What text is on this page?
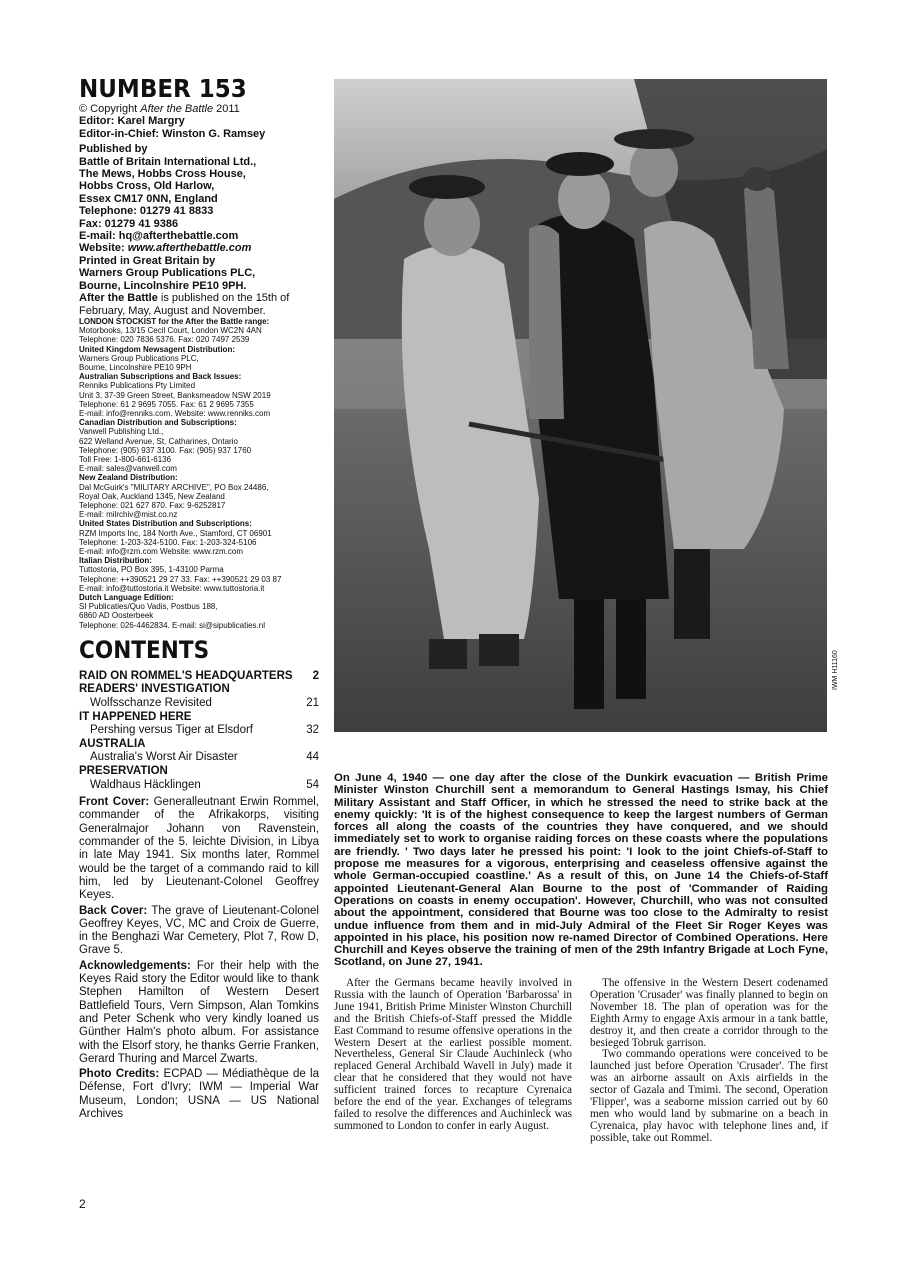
NUMBER 153
© Copyright After the Battle 2011
Editor: Karel Margry
Editor-in-Chief: Winston G. Ramsey
Published by
Battle of Britain International Ltd.,
The Mews, Hobbs Cross House,
Hobbs Cross, Old Harlow,
Essex CM17 0NN, England
Telephone: 01279 41 8833
Fax: 01279 41 9386
E-mail: hq@afterthebattle.com
Website: www.afterthebattle.com
Printed in Great Britain by
Warners Group Publications PLC,
Bourne, Lincolnshire PE10 9PH.
After the Battle is published on the 15th of February, May, August and November.
LONDON STOCKIST for the After the Battle range:
Motorbooks, 13/15 Cecil Court, London WC2N 4AN
Telephone: 020 7836 5376. Fax: 020 7497 2539
United Kingdom Newsagent Distribution:
Warners Group Publications PLC,
Bourne, Lincolnshire PE10 9PH
Australian Subscriptions and Back Issues:
Renniks Publications Pty Limited
Unit 3, 37-39 Green Street, Banksmeadow NSW 2019
Telephone: 61 2 9695 7055. Fax: 61 2 9695 7355
E-mail: info@renniks.com. Website: www.renniks.com
Canadian Distribution and Subscriptions:
Vanwell Publishing Ltd.,
622 Welland Avenue, St. Catharines, Ontario
Telephone: (905) 937 3100. Fax: (905) 937 1760
Toll Free: 1-800-661-6136
E-mail: sales@vanwell.com
New Zealand Distribution:
Dal McGuirk's "MILITARY ARCHIVE", PO Box 24486,
Royal Oak, Auckland 1345, New Zealand
Telephone: 021 627 870. Fax: 9-6252817
E-mail: milrchiv@mist.co.nz
United States Distribution and Subscriptions:
RZM Imports Inc, 184 North Ave., Stamford, CT 06901
Telephone: 1-203-324-5100. Fax: 1-203-324-5106
E-mail: info@rzm.com Website: www.rzm.com
Italian Distribution:
Tuttostoria, PO Box 395, 1-43100 Parma
Telephone: ++390521 29 27 33. Fax: ++390521 29 03 87
E-mail: info@tuttostoria.it Website: www.tuttostoria.it
Dutch Language Edition:
SI Publicaties/Quo Vadis, Postbus 188,
6860 AD Oosterbeek
Telephone: 026-4462834. E-mail: si@sipublicaties.nl
CONTENTS
RAID ON ROMMEL'S HEADQUARTERS 2
READERS' INVESTIGATION
Wolfsschanze Revisited	21
IT HAPPENED HERE
Pershing versus Tiger at Elsdorf	32
AUSTRALIA
Australia's Worst Air Disaster	44
PRESERVATION
Waldhaus Häcklingen	54

Front Cover: Generalleutnant Erwin Rommel, commander of the Afrikakorps, visiting Generalmajor Johann von Ravenstein, commander of the 5. leichte Division, in Libya in late May 1941. Six months later, Rommel would be the target of a commando raid to kill him, led by Lieutenant-Colonel Geoffrey Keyes.

Back Cover: The grave of Lieutenant-Colonel Geoffrey Keyes, VC, MC and Croix de Guerre, in the Benghazi War Cemetery, Plot 7, Row D, Grave 5.

Acknowledgements: For their help with the Keyes Raid story the Editor would like to thank Stephen Hamilton of Western Desert Battlefield Tours, Vern Simpson, Alan Tomkins and Peter Schenk who very kindly loaned us Günther Halm's photo album. For assistance with the Elsorf story, he thanks Gerrie Franken, Gerard Thuring and Marcel Zwarts.

Photo Credits: ECPAD — Médiathèque de la Défense, Fort d'Ivry; IWM — Imperial War Museum, London; USNA — US National Archives

IWM H11160
On June 4, 1940 — one day after the close of the Dunkirk evacuation — British Prime Minister Winston Churchill sent a memorandum to General Hastings Ismay, his Chief Military Assistant and Staff Officer, in which he stressed the need to strike back at the enemy quickly: 'It is of the highest consequence to keep the largest numbers of German forces all along the coasts of the countries they have conquered, and we should immediately set to work to organise raiding forces on these coasts where the populations are friendly. ' Two days later he pressed his point: 'I look to the joint Chiefs-of-Staff to propose me measures for a vigorous, enterprising and ceaseless offensive against the whole German-occupied coastline.' As a result of this, on June 14 the Chiefs-of-Staff appointed Lieutenant-General Alan Bourne to the post of 'Commander of Raiding Operations on coasts in enemy occupation'. However, Churchill, who was not consulted about the appointment, considered that Bourne was too close to the Admiralty to resist undue influence from them and in mid-July Admiral of the Fleet Sir Roger Keyes was appointed in his place, his position now re-named Director of Combined Operations. Here Churchill and Keyes observe the training of men of the 29th Infantry Brigade at Loch Fyne, Scotland, on June 27, 1941.

After the Germans became heavily involved in Russia with the launch of Operation 'Barbarossa' in June 1941, British Prime Minister Winston Churchill and the British Chiefs-of-Staff pressed the Middle East Command to resume offensive operations in the Western Desert at the earliest possible moment. Nevertheless, General Sir Claude Auchinleck (who replaced General Archibald Wavell in July) made it clear that he considered that they would not have sufficient trained forces to recapture Cyrenaica before the end of the year. Exchanges of telegrams failed to resolve the differences and Auchinleck was summoned to London to confer in early August.

The offensive in the Western Desert codenamed Operation 'Crusader' was finally planned to begin on November 18. The plan of operation was for the Eighth Army to engage Axis armour in a tank battle, destroy it, and then create a corridor through to the besieged Tobruk garrison.

Two commando operations were conceived to be launched just before Operation 'Crusader'. The first was an airborne assault on Axis airfields in the sector of Gazala and Tmimi. The second, Operation 'Flipper', was a seaborne mission carried out by 60 men who would land by submarine on a beach in Cyrenaica, play havoc with telephone lines and, if possible, take out Rommel.

2
